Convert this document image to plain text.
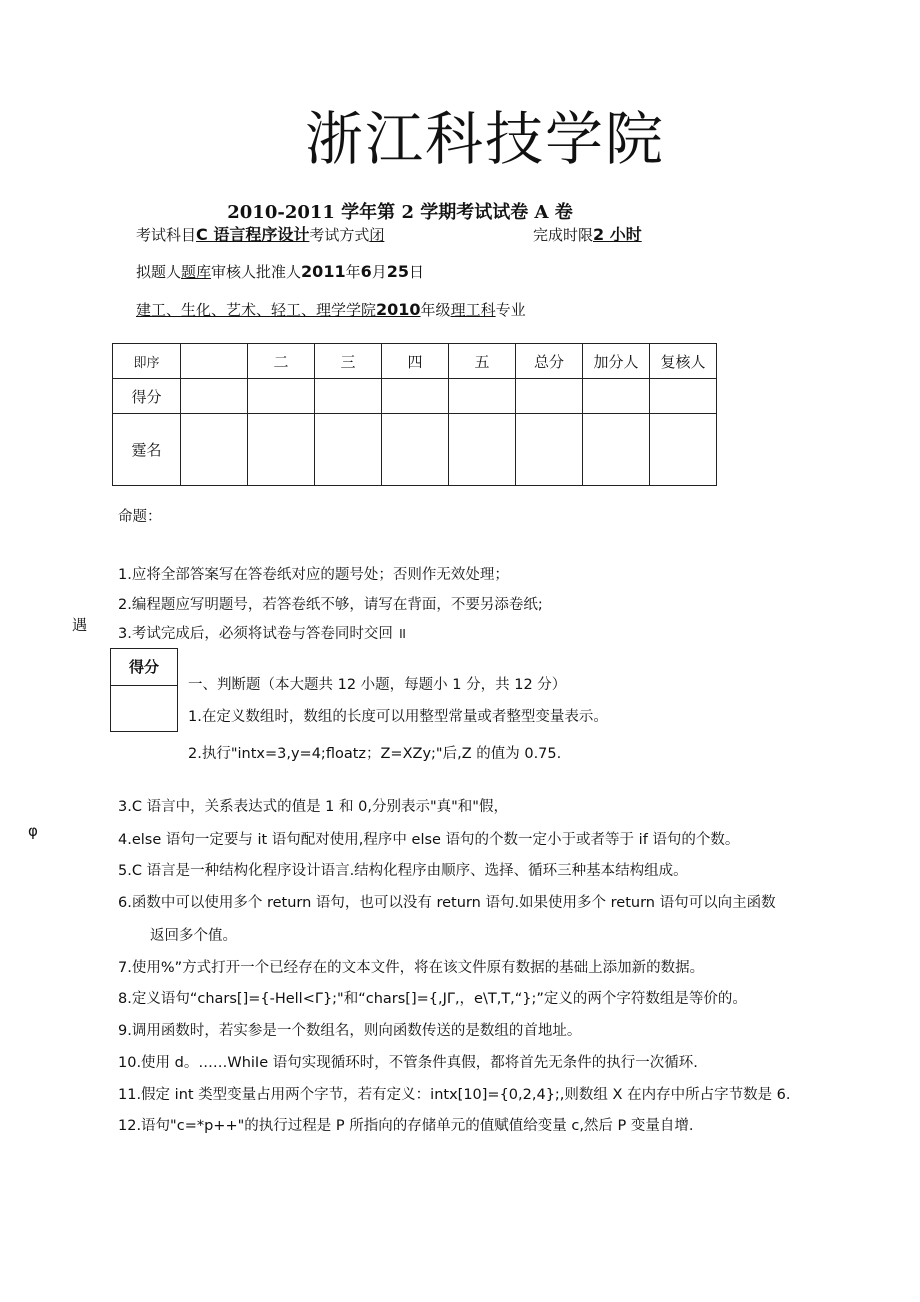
浙江科技学院
2010-2011 学年第 2 学期考试试卷 A 卷
考试科目C 语言程序设计考试方式闭	完成时限2 小时
拟题人题库审核人批准人2011年6月25日
建工、生化、艺术、轻工、理学学院2010年级理工科专业
即序		二	三	四	五	总分	加分人	复核人
得分								
霆名								
命题：
1.应将全部答案写在答卷纸对应的题号处；否则作无效处理；
2.编程题应写明题号，若答卷纸不够，请写在背面，不要另添卷纸;
3.考试完成后，必须将试卷与答卷同时交回 ॥
遇
φ
得分
一、判断题（本大题共 12 小题，每题小 1 分，共 12 分）
1.在定义数组时，数组的长度可以用整型常量或者整型变量表示。
2.执行"intx=3,y=4;floatz；Z=XZy;"后,Z 的值为 0.75.
3.C 语言中，关系表达式的值是 1 和 0,分别表示"真"和"假，
4.else 语句一定要与 it 语句配对使用,程序中 else 语句的个数一定小于或者等于 if 语句的个数。
5.C 语言是一种结构化程序设计语言.结构化程序由顺序、选择、循环三种基本结构组成。
6.函数中可以使用多个 return 语句，也可以没有 return 语句.如果使用多个 return 语句可以向主函数
返回多个值。
7.使用%”方式打开一个已经存在的文本文件，将在该文件原有数据的基础上添加新的数据。
8.定义语句“chars[]={-Hell<Γ};"和“chars[]={,JΓ,，e\T,T,“};”定义的两个字符数组是等价的。
9.调用函数时，若实参是一个数组名，则向函数传送的是数组的首地址。
10.使用 d。……WhiIe 语句实现循环时，不管条件真假，都将首先无条件的执行一次循环.
11.假定 int 类型变量占用两个字节，若有定义：intx[10]={0,2,4};,则数组 X 在内存中所占字节数是 6.
12.语句"c=*p++"的执行过程是 P 所指向的存储单元的值赋值给变量 c,然后 P 变量自增.
